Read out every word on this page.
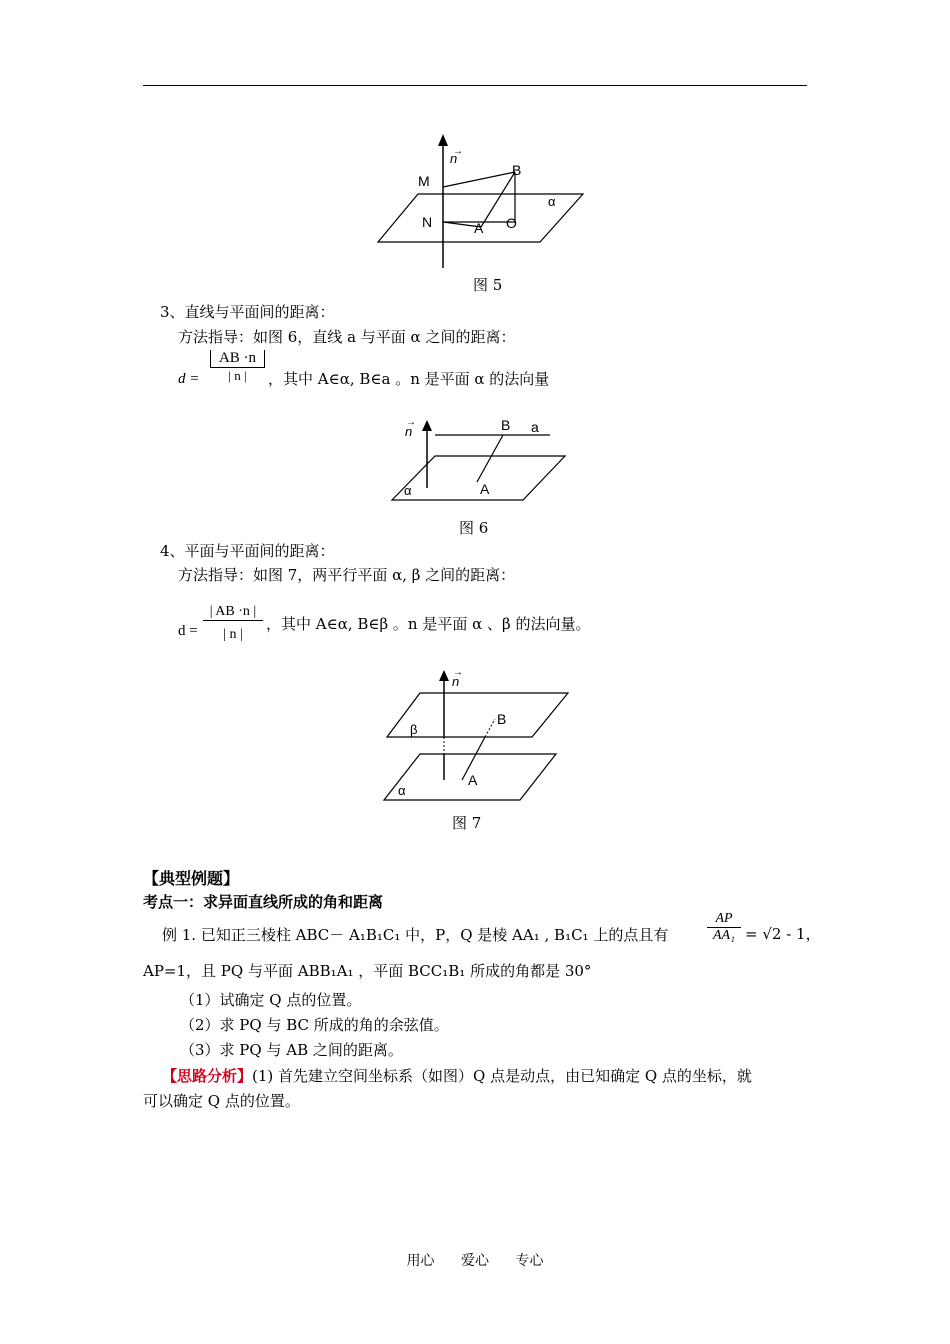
n
→
M
B
N	A O
α
图 5
3、直线与平面间的距离：
方法指导：如图 6，直线 a 与平面 α 之间的距离：
$d = \frac{AB \cdot n}{| n |}$ ，其中 A∈α, B∈a 。n 是平面 α 的法向量
n
→	B a
α	A
图 6
4、平面与平面间的距离：
方法指导：如图 7，两平行平面 α, β 之间的距离：
$d = \frac{| AB \cdot n |}{| n |}$ ，其中 A∈α, B∈β 。n 是平面 α 、β 的法向量。
n
→
β
B
A
α
图 7
【典型例题】
考点一：求异面直线所成的角和距离
例 1. 已知正三棱柱 ABC－ A₁B₁C₁ 中，P，Q 是棱 AA₁ , B₁C₁ 上的点且有	$\frac{AP}{\text{AA₁}} = √2 - 1$，
AP=1，且 PQ 与平面 ABB₁A₁ ，平面 BCC₁B₁ 所成的角都是 30°
（1）试确定 Q 点的位置。
（2）求 PQ 与 BC 所成的角的余弦值。
（3）求 PQ 与 AB 之间的距离。
【思路分析】(1) 首先建立空间坐标系（如图）Q 点是动点，由已知确定 Q 点的坐标，就
可以确定 Q 点的位置。
用心 爱心 专心
